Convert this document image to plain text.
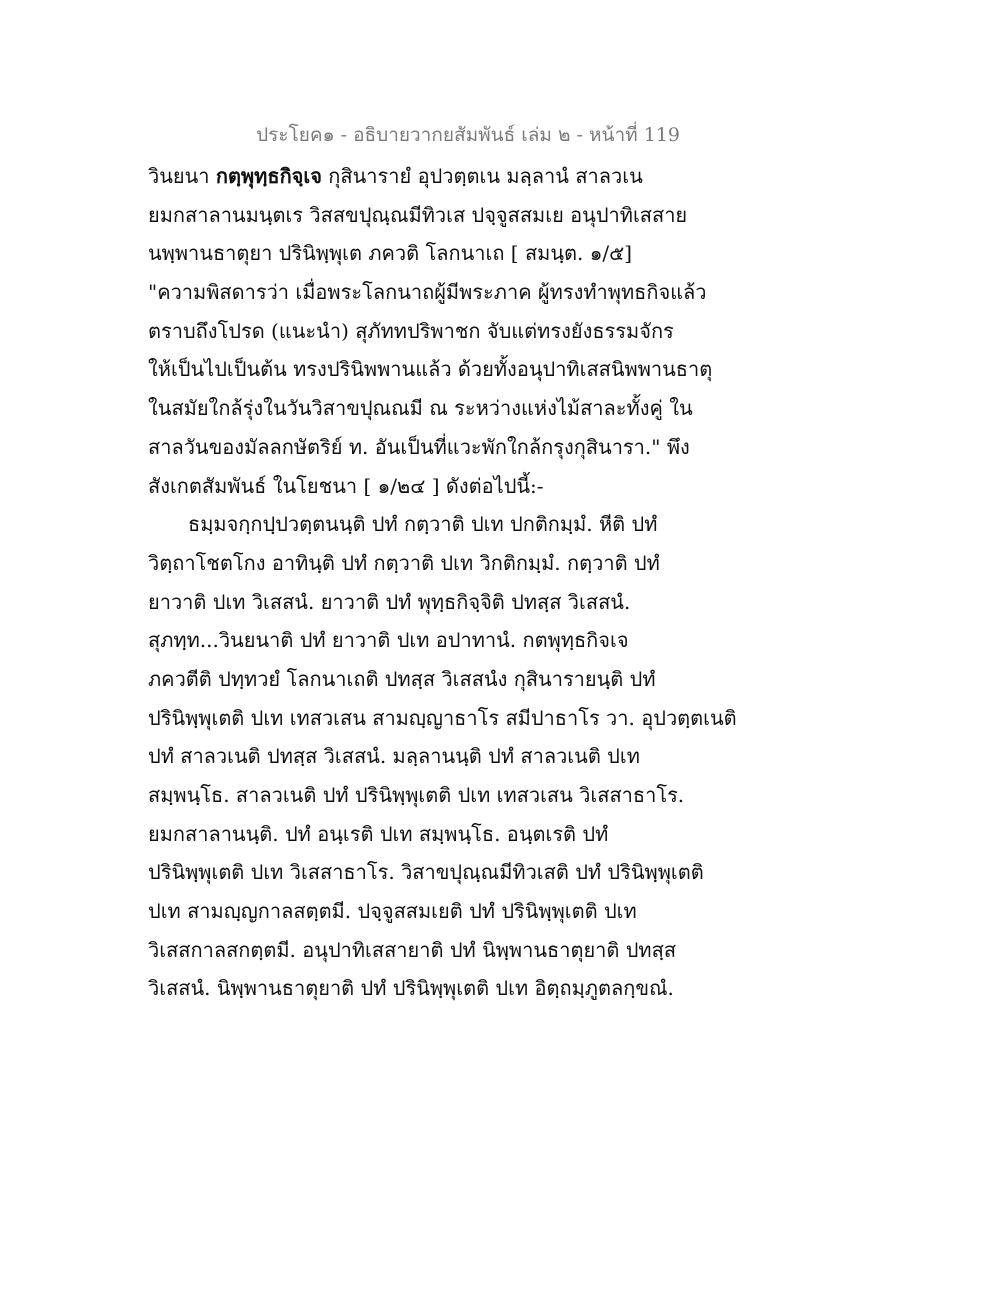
ประโยค๑ - อธิบายวากยสัมพันธ์ เล่ม ๒ - หน้าที่ 119
วินยนา กตฺพุทฺธกิจฺเจ กุสินารายํ อุปวตฺตเน มลฺลานํ สาลวเน
ยมกสาลานมนฺตเร วิสสขปุณฺณมีทิวเส ปจฺจูสสมเย อนุปาทิเสสาย
นพฺพานธาตุยา ปรินิพฺพุเต ภควติ โลกนาเถ [ สมนฺต. ๑/๕]
"ความพิสดารว่า เมื่อพระโลกนาถผู้มีพระภาค ผู้ทรงทำพุทธกิจแล้ว
ตราบถึงโปรด (แนะนำ) สุภัททปริพาชก จับแต่ทรงยังธรรมจักร
ให้เป็นไปเป็นต้น ทรงปรินิพพานแล้ว ด้วยทั้งอนุปาทิเสสนิพพานธาตุ
ในสมัยใกล้รุ่งในวันวิสาขปุณณมี ณ ระหว่างแห่งไม้สาละทั้งคู่ ใน
สาลวันของมัลลกษัตริย์ ท. อันเป็นที่แวะพักใกล้กรุงกุสินารา." พึง
สังเกตสัมพันธ์ ในโยชนา [ ๑/๒๔ ] ดังต่อไปนี้:-
ธมฺมจกฺกปฺปวตฺตนนฺติ ปทํ กตฺวาติ ปเท ปกติกมฺมํ. หีติ ปทํ
วิตฺถาโชตโกง อาทินฺติ ปทํ กตฺวาติ ปเท วิกติกมฺมํ. กตฺวาติ ปทํ
ยาวาติ ปเท วิเสสนํ. ยาวาติ ปทํ พุทฺธกิจฺจิติ ปทสฺส วิเสสนํ.
สุภทฺท...วินยนาติ ปทํ ยาวาติ ปเท อปาทานํ. กตพุทฺธกิจเจ
ภควตีติ ปทฺทวยํ โลกนาเถติ ปทสฺส วิเสสนํง กุสินารายนฺติ ปทํ
ปรินิพฺพุเตติ ปเท เทสวเสน สามญฺญาธาโร สมีปาธาโร วา. อุปวตฺตเนติ
ปทํ สาลวเนติ ปทสฺส วิเสสนํ. มลฺลานนฺติ ปทํ สาลวเนติ ปเท
สมฺพนฺโธ. สาลวเนติ ปทํ ปรินิพฺพุเตติ ปเท เทสวเสน วิเสสาธาโร.
ยมกสาลานนฺติ. ปทํ อนฺเรติ ปเท สมฺพนฺโธ. อนฺตเรติ ปทํ
ปรินิพฺพุเตติ ปเท วิเสสาธาโร. วิสาขปุณฺณมีทิวเสติ ปทํ ปรินิพฺพุเตติ
ปเท สามญฺญกาลสตฺตมี. ปจฺจูสสมเยติ ปทํ ปรินิพฺพุเตติ ปเท
วิเสสกาลสกตฺตมี. อนุปาทิเสสายาติ ปทํ นิพฺพานธาตุยาติ ปทสฺส
วิเสสนํ. นิพฺพานธาตุยาติ ปทํ ปรินิพฺพุเตติ ปเท อิตฺถมฺภูตลกฺขณํ.
